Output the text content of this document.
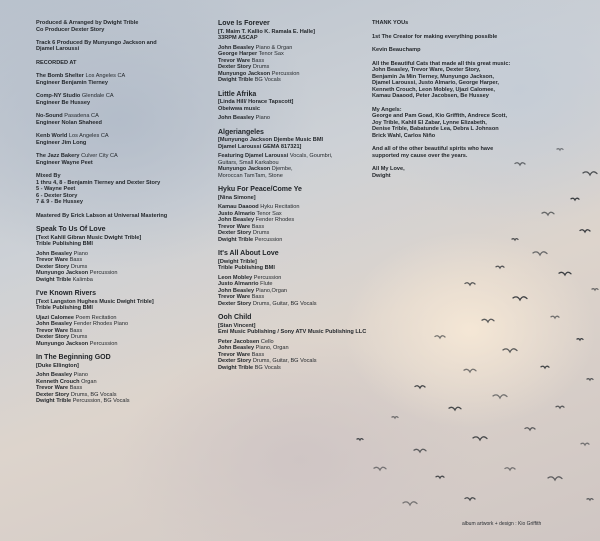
Produced & Arranged by Dwight Trible
Co Producer Dexter Story

Track 6 Produced By Munyungo Jackson and
Djamel Laroussi
RECORDED AT
The Bomb Shelter Los Angeles CA
Engineer Benjamin Tierney
Comp-NY Studio Glendale CA
Engineer Be Hussey
No-Sound Pasadena CA
Engineer Nolan Shaheed
Kenb World Los Angeles CA
Engineer Jim Long
The Jazz Bakery Culver City CA
Engineer Wayne Peet
Mixed By
1 thru 4, 8 - Benjamin Tierney and Dexter Story
5 - Wayne Peet
6 - Dexter Story
7 & 9 - Be Hussey
Mastered By Erick Labson at Universal Mastering
Speak To Us Of Love
[Text Kahlil Gibran Music Dwight Trible]
Trible Publishing BMI

John Beasley Piano
Trevor Ware Bass
Dexter Story Drums
Munyungo Jackson Percussion
Dwight Trible Kalimba
I've Known Rivers
[Text Langston Hughes Music Dwight Trible]
Trible Publishing BMI

Ujazi Calomee Poem Recitation
John Beasley Fender Rhodes Piano
Trevor Ware Bass
Dexter Story Drums
Munyungo Jackson Percussion
In The Beginning GOD
[Duke Ellington]

John Beasley Piano
Kenneth Crouch Organ
Trevor Ware Bass
Dexter Story Drums, BG Vocals
Dwight Trible Percussion, BG Vocals
Love Is Forever
[T. Maim T. Kallio K. Ramala E. Halle]
33RPM ASCAP

John Beasley Piano & Organ
George Harper Tenor Sax
Trevor Ware Bass
Dexter Story Drums
Munyungo Jackson Percussion
Dwight Trible BG Vocals
Little Afrika
[Linda Hill/ Horace Tapscott]
Obeiwwa music

John Beasley Piano
Algeriangeles
[Munyungo Jackson Djembe Music BMI
Djamel Laroussi GEMA 817321]

Featuring Djamel Laroussi Vocals, Goumbri,
Guitars, Small Karkabou
Munyungo Jackson Djembe,
Moroccan TamTam, Stone
Hyku For Peace/Come Ye
[Nina Simone]

Kamau Daaood Hyku Recitation
Justo Almario Tenor Sax
John Beasley Fender Rhodes
Trevor Ware Bass
Dexter Story Drums
Dwight Trible Percussion
It's All About Love
[Dwight Trible]
Trible Publishing BMI

Leon Mobley Percussion
Justo Almanrio Flute
John Beasley Piano,Organ
Trevor Ware Bass
Dexter Story Drums, Guitar, BG Vocals
Ooh Child
[Stan Vincent]
Emi Music Publishing / Sony ATV Music Publishing LLC

Peter Jacobsen Cello
John Beasley Piano, Organ
Trevor Ware Bass
Dexter Story Drums, Guitar, BG Vocals
Dwight Trible BG Vocals
THANK YOUs
1st The Creator for making everything possible
Kevin Beauchamp
All the Beautiful Cats that made all this great music:
John Beasley, Trevor Ware, Dexter Story,
Benjamin Ja Min Tierney, Munyungo Jackson,
Djamel Laroussi, Justo Almario, George Harper,
Kenneth Crouch, Leon Mobley, Ujazi Calomee,
Kamau Daaood, Peter Jacobsen, Be Hussey
My Angels:
George and Pam Goad, Kio Griffith, Andrece Scott,
Joy Trible, Kahlil El Zabar, Lynne Elizabeth,
Denise Trible, Babatunde Lea, Debra L Johnson
Brick Wahl, Carlos Niño
And all of the other beautiful spirits who have
supported my cause over the years.
All My Love,
Dwight
album artwork + design : Kio Griffith
